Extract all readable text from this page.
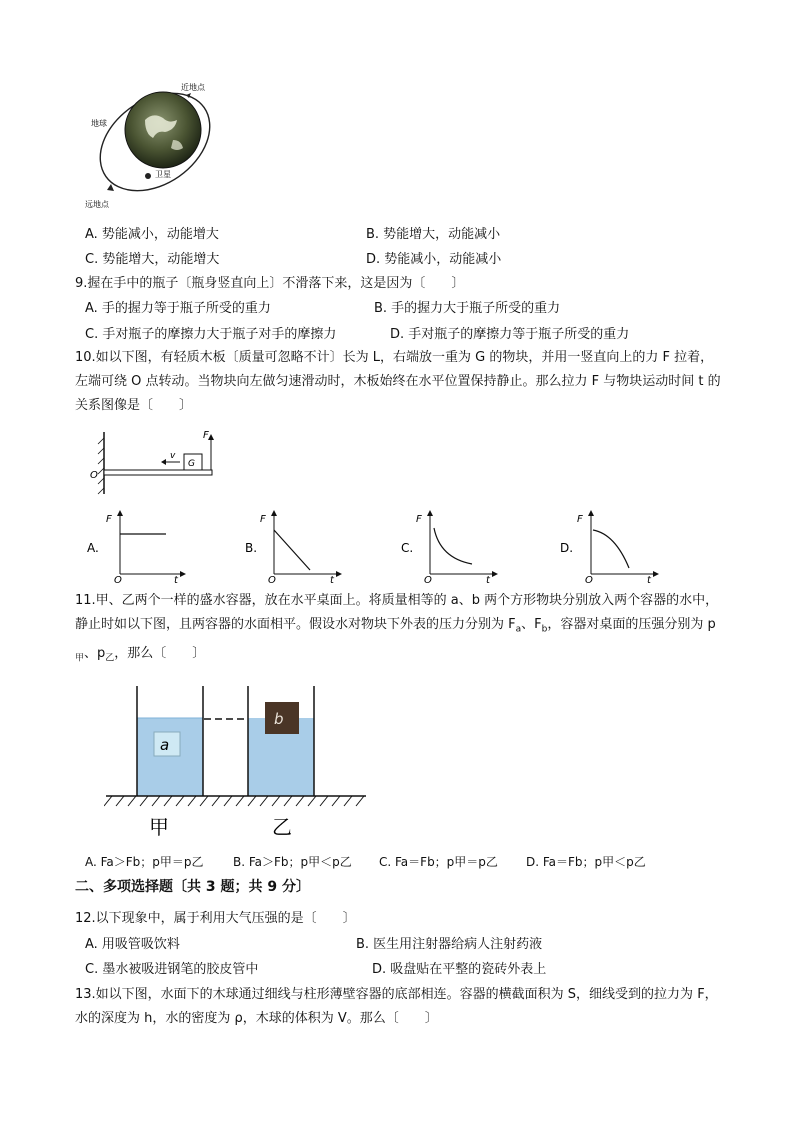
近地点
地球
卫星
远地点
A. 势能减小，动能增大	B. 势能增大，动能减小
C. 势能增大，动能增大	D. 势能减小，动能减小
9.握在手中的瓶子〔瓶身竖直向上〕不滑落下来，这是因为〔　　〕
A. 手的握力等于瓶子所受的重力	B. 手的握力大于瓶子所受的重力
C. 手对瓶子的摩擦力大于瓶子对手的摩擦力	D. 手对瓶子的摩擦力等于瓶子所受的重力
10.如以下图，有轻质木板〔质量可忽略不计〕长为 L，右端放一重为 G 的物块，并用一竖直向上的力 F 拉着，左端可绕 O 点转动。当物块向左做匀速滑动时，木板始终在水平位置保持静止。那么拉力 F 与物块运动时间 t 的关系图像是〔　　〕
F
O
v
G
A.
F
O	t
B.
F
O	t
C.
F
O	t
D.
F
O	t
11.甲、乙两个一样的盛水容器，放在水平桌面上。将质量相等的 a、b 两个方形物块分别放入两个容器的水中，静止时如以下图，且两容器的水面相平。假设水对物块下外表的压力分别为 $F_a$、$F_b$，容器对桌面的压强分别为 $p_甲$、$p_乙$，那么〔　　〕
a
b
甲	乙
A. Fa＞Fb；p甲＝p乙 B. Fa＞Fb；p甲＜p乙 C. Fa＝Fb；p甲＝p乙 D. Fa＝Fb；p甲＜p乙
二、多项选择题〔共 3 题；共 9 分〕
12.以下现象中，属于利用大气压强的是〔　　〕
A. 用吸管吸饮料	B. 医生用注射器给病人注射药液
C. 墨水被吸进钢笔的胶皮管中	D. 吸盘贴在平整的瓷砖外表上
13.如以下图，水面下的木球通过细线与柱形薄壁容器的底部相连。容器的横截面积为 S，细线受到的拉力为 F，水的深度为 h，水的密度为 ρ，木球的体积为 V。那么〔　　〕
